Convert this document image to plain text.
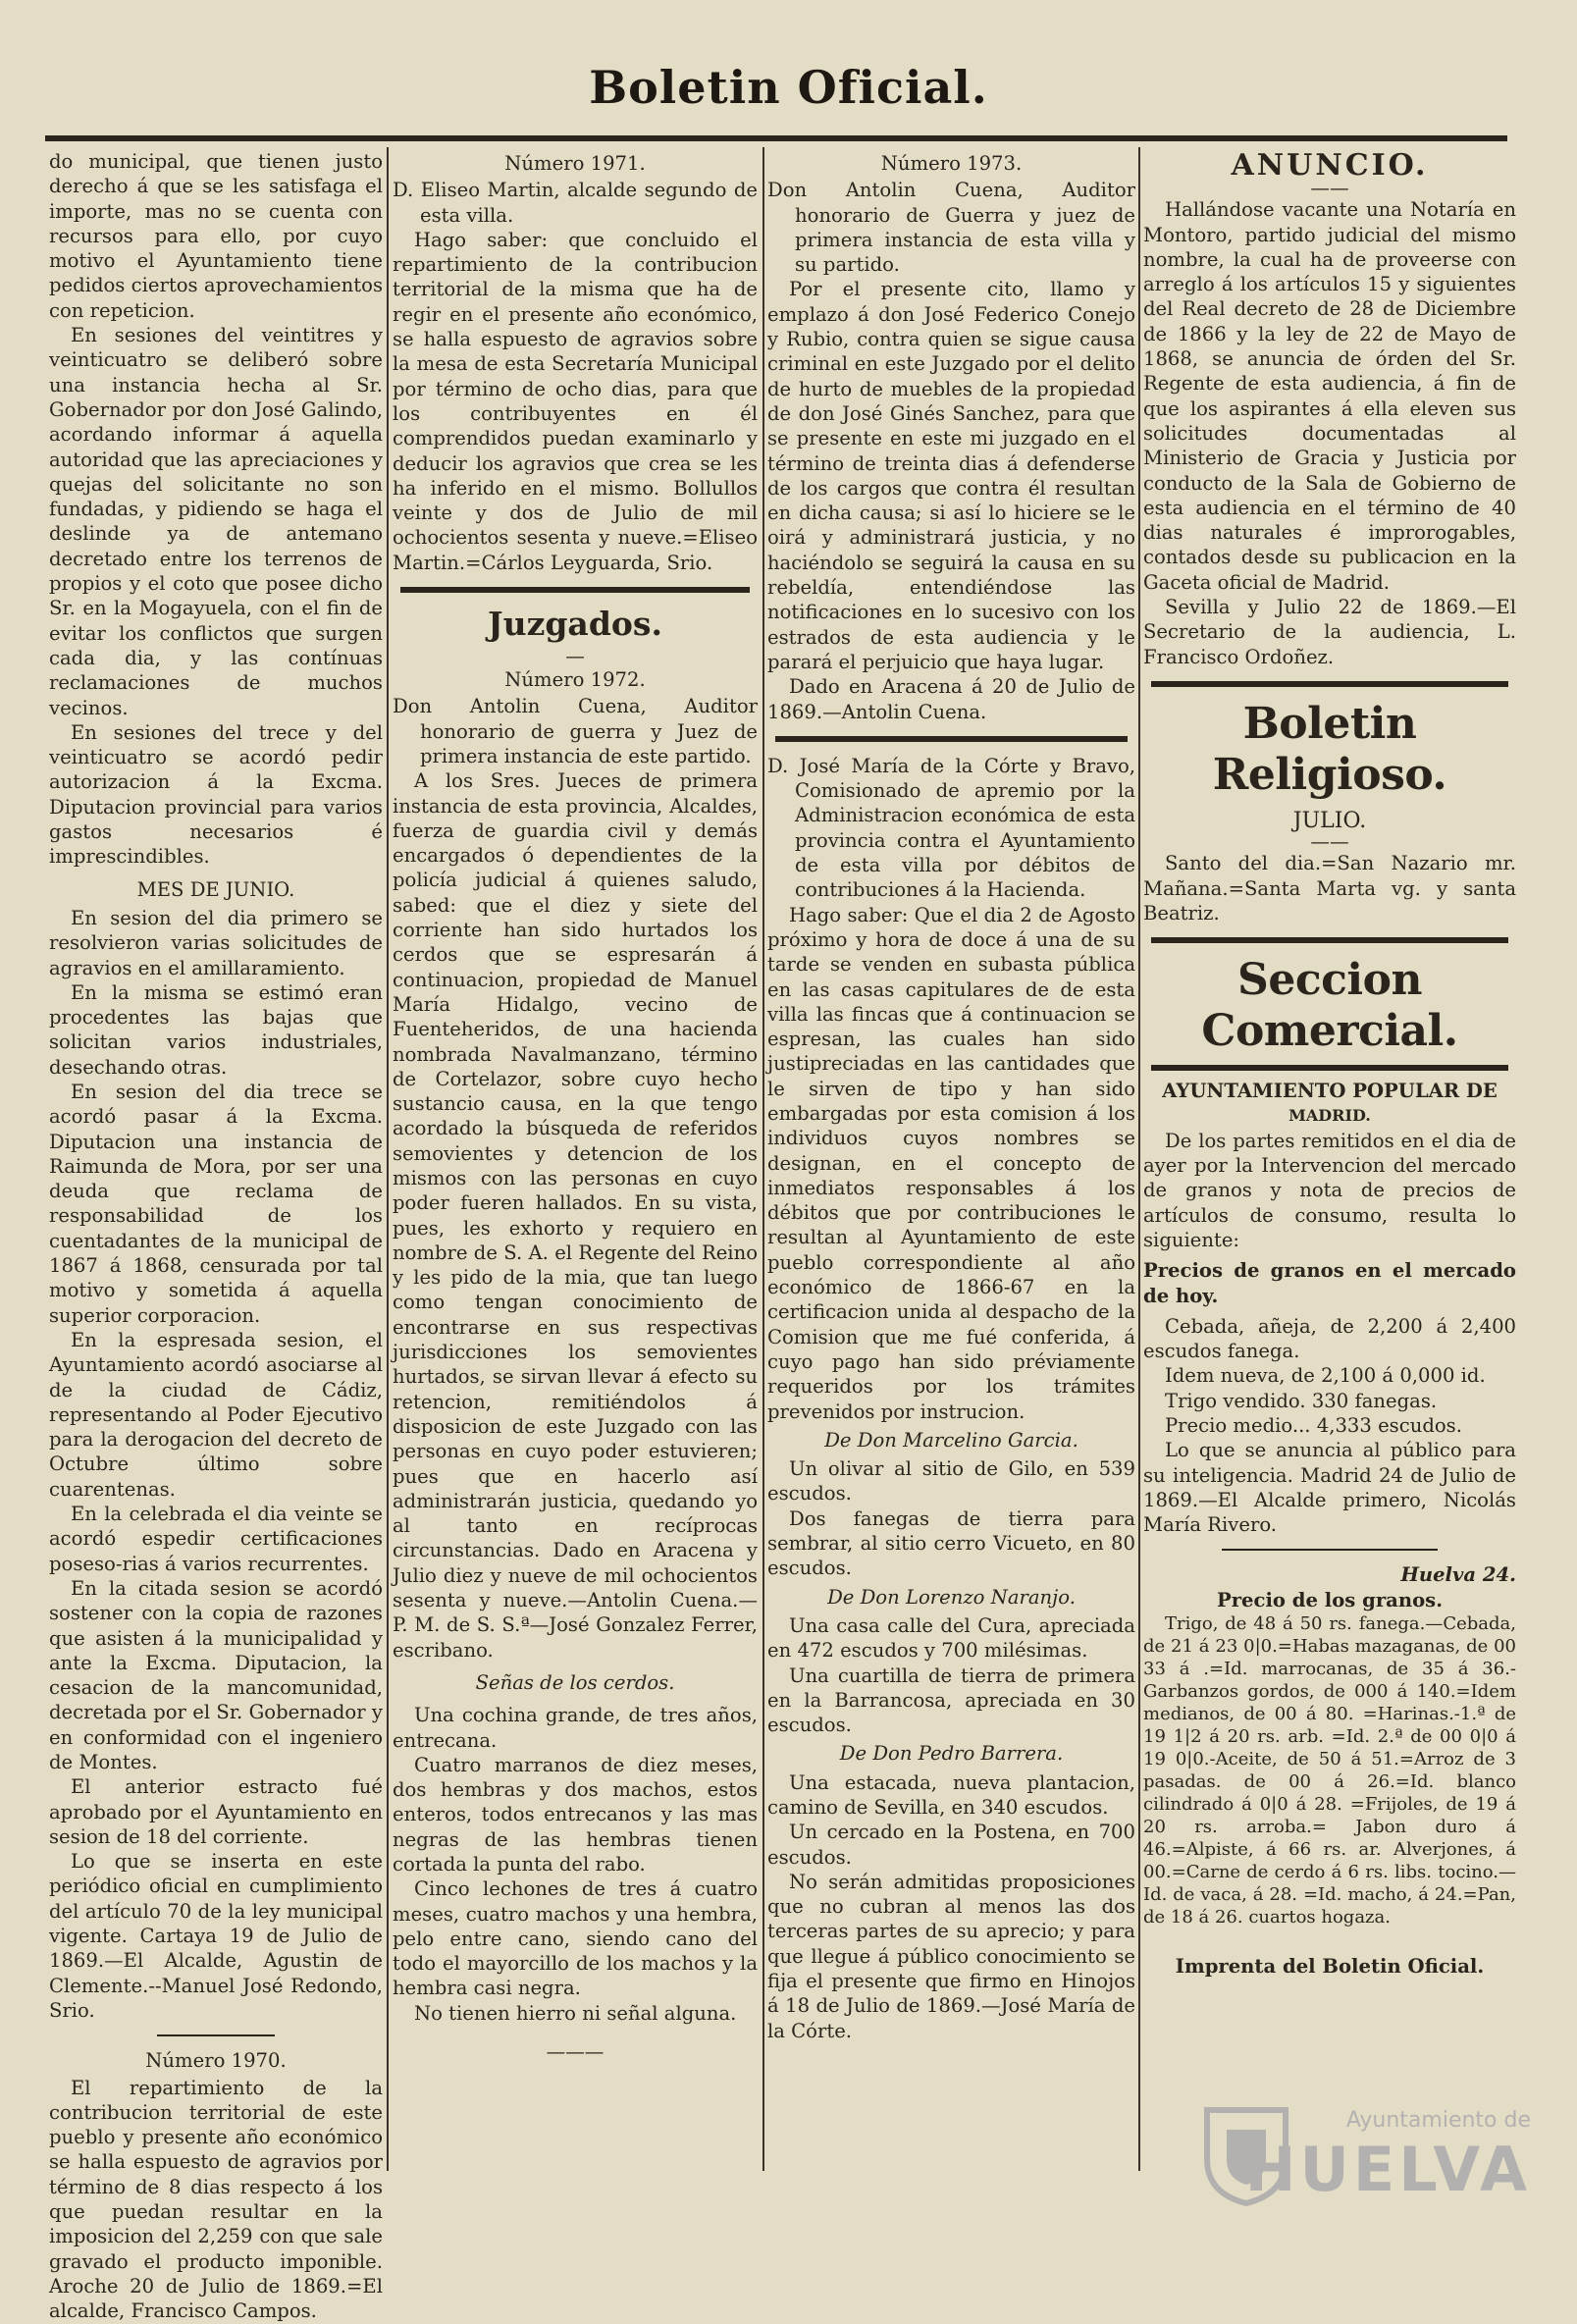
Boletin Oficial.

do municipal, que tienen justo derecho á que se les satisfaga el importe, mas no se cuenta con recursos para ello, por cuyo motivo el Ayuntamiento tiene pedidos ciertos aprovechamientos con repeticion.

En sesiones del veintitres y veinticuatro se deliberó sobre una instancia hecha al Sr. Gobernador por don José Galindo, acordando informar á aquella autoridad que las apreciaciones y quejas del solicitante no son fundadas, y pidiendo se haga el deslinde ya de antemano decretado entre los terrenos de propios y el coto que posee dicho Sr. en la Mogayuela, con el fin de evitar los conflictos que surgen cada dia, y las contínuas reclamaciones de muchos vecinos.

En sesiones del trece y del veinticuatro se acordó pedir autorizacion á la Excma. Diputacion provincial para varios gastos necesarios é imprescindibles.

MES DE JUNIO.

En sesion del dia primero se resolvieron varias solicitudes de agravios en el amillaramiento.

En la misma se estimó eran procedentes las bajas que solicitan varios industriales, desechando otras.

En sesion del dia trece se acordó pasar á la Excma. Diputacion una instancia de Raimunda de Mora, por ser una deuda que reclama de responsabilidad de los cuentadantes de la municipal de 1867 á 1868, censurada por tal motivo y sometida á aquella superior corporacion.

En la espresada sesion, el Ayuntamiento acordó asociarse al de la ciudad de Cádiz, representando al Poder Ejecutivo para la derogacion del decreto de Octubre último sobre cuarentenas.

En la celebrada el dia veinte se acordó espedir certificaciones poseso-rias á varios recurrentes.

En la citada sesion se acordó sostener con la copia de razones que asisten á la municipalidad y ante la Excma. Diputacion, la cesacion de la mancomunidad, decretada por el Sr. Gobernador y en conformidad con el ingeniero de Montes.

El anterior estracto fué aprobado por el Ayuntamiento en sesion de 18 del corriente.

Lo que se inserta en este periódico oficial en cumplimiento del artículo 70 de la ley municipal vigente. Cartaya 19 de Julio de 1869.—El Alcalde, Agustin de Clemente.--Manuel José Redondo, Srio.

Número 1970.

El repartimiento de la contribucion territorial de este pueblo y presente año económico se halla espuesto de agravios por término de 8 dias respecto á los que puedan resultar en la imposicion del 2,259 con que sale gravado el producto imponible. Aroche 20 de Julio de 1869.=El alcalde, Francisco Campos.

Número 1971.

D. Eliseo Martin, alcalde segundo de esta villa.

Hago saber: que concluido el repartimiento de la contribucion territorial de la misma que ha de regir en el presente año económico, se halla espuesto de agravios sobre la mesa de esta Secretaría Municipal por término de ocho dias, para que los contribuyentes en él comprendidos puedan examinarlo y deducir los agravios que crea se les ha inferido en el mismo. Bollullos veinte y dos de Julio de mil ochocientos sesenta y nueve.=Eliseo Martin.=Cárlos Leyguarda, Srio.

Juzgados.

—

Número 1972.

Don Antolin Cuena, Auditor honorario de guerra y Juez de primera instancia de este partido.

A los Sres. Jueces de primera instancia de esta provincia, Alcaldes, fuerza de guardia civil y demás encargados ó dependientes de la policía judicial á quienes saludo, sabed: que el diez y siete del corriente han sido hurtados los cerdos que se espresarán á continuacion, propiedad de Manuel María Hidalgo, vecino de Fuenteheridos, de una hacienda nombrada Navalmanzano, término de Cortelazor, sobre cuyo hecho sustancio causa, en la que tengo acordado la búsqueda de referidos semovientes y detencion de los mismos con las personas en cuyo poder fueren hallados. En su vista, pues, les exhorto y requiero en nombre de S. A. el Regente del Reino y les pido de la mia, que tan luego como tengan conocimiento de encontrarse en sus respectivas jurisdicciones los semovientes hurtados, se sirvan llevar á efecto su retencion, remitiéndolos á disposicion de este Juzgado con las personas en cuyo poder estuvieren; pues que en hacerlo así administrarán justicia, quedando yo al tanto en recíprocas circunstancias. Dado en Aracena y Julio diez y nueve de mil ochocientos sesenta y nueve.—Antolin Cuena.— P. M. de S. S.ª—José Gonzalez Ferrer, escribano.

Señas de los cerdos.

Una cochina grande, de tres años, entrecana.

Cuatro marranos de diez meses, dos hembras y dos machos, estos enteros, todos entrecanos y las mas negras de las hembras tienen cortada la punta del rabo.

Cinco lechones de tres á cuatro meses, cuatro machos y una hembra, pelo entre cano, siendo cano del todo el mayorcillo de los machos y la hembra casi negra.

No tienen hierro ni señal alguna.

———

Número 1973.

Don Antolin Cuena, Auditor honorario de Guerra y juez de primera instancia de esta villa y su partido.

Por el presente cito, llamo y emplazo á don José Federico Conejo y Rubio, contra quien se sigue causa criminal en este Juzgado por el delito de hurto de muebles de la propiedad de don José Ginés Sanchez, para que se presente en este mi juzgado en el término de treinta dias á defenderse de los cargos que contra él resultan en dicha causa; si así lo hiciere se le oirá y administrará justicia, y no haciéndolo se seguirá la causa en su rebeldía, entendiéndose las notificaciones en lo sucesivo con los estrados de esta audiencia y le parará el perjuicio que haya lugar.

Dado en Aracena á 20 de Julio de 1869.—Antolin Cuena.

D. José María de la Córte y Bravo, Comisionado de apremio por la Administracion económica de esta provincia contra el Ayuntamiento de esta villa por débitos de contribuciones á la Hacienda.

Hago saber: Que el dia 2 de Agosto próximo y hora de doce á una de su tarde se venden en subasta pública en las casas capitulares de de esta villa las fincas que á continuacion se espresan, las cuales han sido justipreciadas en las cantidades que le sirven de tipo y han sido embargadas por esta comision á los individuos cuyos nombres se designan, en el concepto de inmediatos responsables á los débitos que por contribuciones le resultan al Ayuntamiento de este pueblo correspondiente al año económico de 1866-67 en la certificacion unida al despacho de la Comision que me fué conferida, á cuyo pago han sido préviamente requeridos por los trámites prevenidos por instrucion.

De Don Marcelino Garcia.

Un olivar al sitio de Gilo, en 539 escudos.

Dos fanegas de tierra para sembrar, al sitio cerro Vicueto, en 80 escudos.

De Don Lorenzo Naranjo.

Una casa calle del Cura, apreciada en 472 escudos y 700 milésimas.

Una cuartilla de tierra de primera en la Barrancosa, apreciada en 30 escudos.

De Don Pedro Barrera.

Una estacada, nueva plantacion, camino de Sevilla, en 340 escudos.

Un cercado en la Postena, en 700 escudos.

No serán admitidas proposiciones que no cubran al menos las dos terceras partes de su aprecio; y para que llegue á público conocimiento se fija el presente que firmo en Hinojos á 18 de Julio de 1869.—José María de la Córte.

ANUNCIO.

——

Hallándose vacante una Notaría en Montoro, partido judicial del mismo nombre, la cual ha de proveerse con arreglo á los artículos 15 y siguientes del Real decreto de 28 de Diciembre de 1866 y la ley de 22 de Mayo de 1868, se anuncia de órden del Sr. Regente de esta audiencia, á fin de que los aspirantes á ella eleven sus solicitudes documentadas al Ministerio de Gracia y Justicia por conducto de la Sala de Gobierno de esta audiencia en el término de 40 dias naturales é improrogables, contados desde su publicacion en la Gaceta oficial de Madrid.

Sevilla y Julio 22 de 1869.—El Secretario de la audiencia, L. Francisco Ordoñez.

Boletin Religioso.

JULIO.

——

Santo del dia.=San Nazario mr. Mañana.=Santa Marta vg. y santa Beatriz.

Seccion Comercial.

AYUNTAMIENTO POPULAR DE

MADRID.

De los partes remitidos en el dia de ayer por la Intervencion del mercado de granos y nota de precios de artículos de consumo, resulta lo siguiente:

Precios de granos en el mercado de hoy.

Cebada, añeja, de 2,200 á 2,400 escudos fanega.

Idem nueva, de 2,100 á 0,000 id.

Trigo vendido. 330 fanegas.

Precio medio... 4,333 escudos.

Lo que se anuncia al público para su inteligencia. Madrid 24 de Julio de 1869.—El Alcalde primero, Nicolás María Rivero.

Huelva 24.

Precio de los granos.

Trigo, de 48 á 50 rs. fanega.—Cebada, de 21 á 23 0|0.=Habas mazaganas, de 00 33 á .=Id. marrocanas, de 35 á 36.-Garbanzos gordos, de 000 á 140.=Idem medianos, de 00 á 80. =Harinas.-1.ª de 19 1|2 á 20 rs. arb. =Id. 2.ª de 00 0|0 á 19 0|0.-Aceite, de 50 á 51.=Arroz de 3 pasadas. de 00 á 26.=Id. blanco cilindrado á 0|0 á 28. =Frijoles, de 19 á 20 rs. arroba.= Jabon duro á 46.=Alpiste, á 66 rs. ar. Alverjones, á 00.=Carne de cerdo á 6 rs. libs. tocino.—Id. de vaca, á 28. =Id. macho, á 24.=Pan, de 18 á 26. cuartos hogaza.

Imprenta del Boletin Oficial.

Ayuntamiento de
HUELVA
